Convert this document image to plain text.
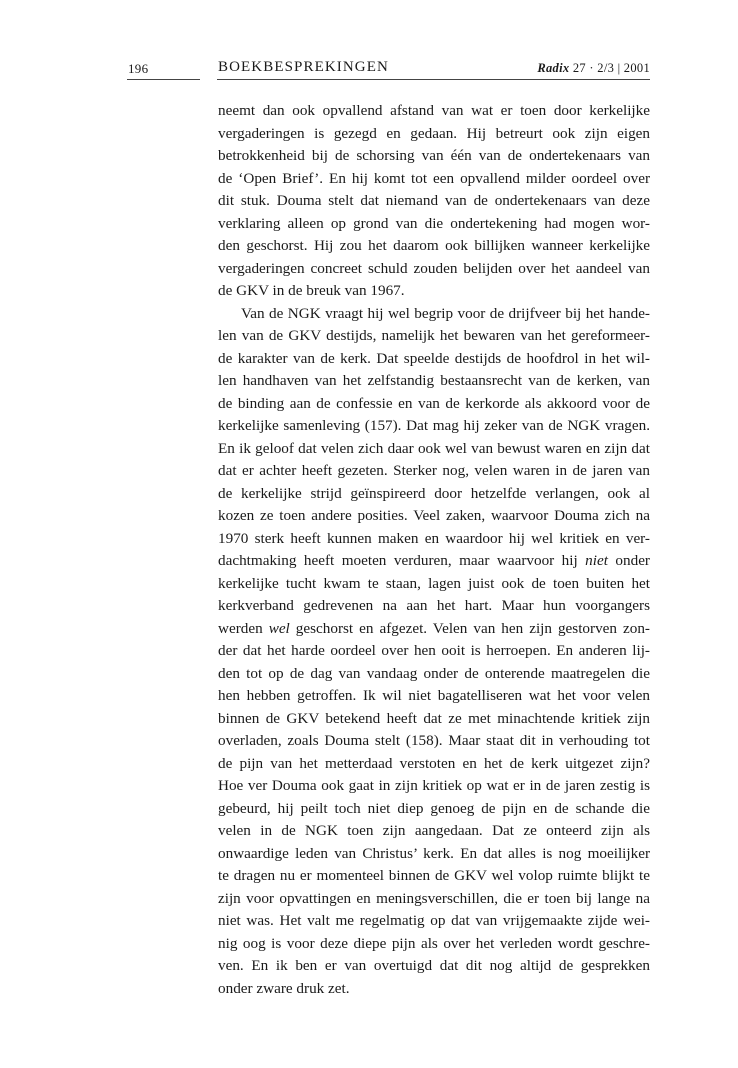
196	BOEKBESPREKINGEN	Radix 27 · 2/3 | 2001
neemt dan ook opvallend afstand van wat er toen door kerkelijke
vergaderingen is gezegd en gedaan. Hij betreurt ook zijn eigen
betrokkenheid bij de schorsing van één van de ondertekenaars van
de ‘Open Brief’. En hij komt tot een opvallend milder oordeel over
dit stuk. Douma stelt dat niemand van de ondertekenaars van deze
verklaring alleen op grond van die ondertekening had mogen wor-
den geschorst. Hij zou het daarom ook billijken wanneer kerkelijke
vergaderingen concreet schuld zouden belijden over het aandeel van
de GKV in de breuk van 1967.
Van de NGK vraagt hij wel begrip voor de drijfveer bij het hande-
len van de GKV destijds, namelijk het bewaren van het gereformeer-
de karakter van de kerk. Dat speelde destijds de hoofdrol in het wil-
len handhaven van het zelfstandig bestaansrecht van de kerken, van
de binding aan de confessie en van de kerkorde als akkoord voor de
kerkelijke samenleving (157). Dat mag hij zeker van de NGK vragen.
En ik geloof dat velen zich daar ook wel van bewust waren en zijn dat
dat er achter heeft gezeten. Sterker nog, velen waren in de jaren van
de kerkelijke strijd geïnspireerd door hetzelfde verlangen, ook al
kozen ze toen andere posities. Veel zaken, waarvoor Douma zich na
1970 sterk heeft kunnen maken en waardoor hij wel kritiek en ver-
dachtmaking heeft moeten verduren, maar waarvoor hij niet onder
kerkelijke tucht kwam te staan, lagen juist ook de toen buiten het
kerkverband gedrevenen na aan het hart. Maar hun voorgangers
werden wel geschorst en afgezet. Velen van hen zijn gestorven zon-
der dat het harde oordeel over hen ooit is herroepen. En anderen lij-
den tot op de dag van vandaag onder de onterende maatregelen die
hen hebben getroffen. Ik wil niet bagatelliseren wat het voor velen
binnen de GKV betekend heeft dat ze met minachtende kritiek zijn
overladen, zoals Douma stelt (158). Maar staat dit in verhouding tot
de pijn van het metterdaad verstoten en het de kerk uitgezet zijn?
Hoe ver Douma ook gaat in zijn kritiek op wat er in de jaren zestig is
gebeurd, hij peilt toch niet diep genoeg de pijn en de schande die
velen in de NGK toen zijn aangedaan. Dat ze onteerd zijn als
onwaardige leden van Christus’ kerk. En dat alles is nog moeilijker
te dragen nu er momenteel binnen de GKV wel volop ruimte blijkt te
zijn voor opvattingen en meningsverschillen, die er toen bij lange na
niet was. Het valt me regelmatig op dat van vrijgemaakte zijde wei-
nig oog is voor deze diepe pijn als over het verleden wordt geschre-
ven. En ik ben er van overtuigd dat dit nog altijd de gesprekken
onder zware druk zet.
